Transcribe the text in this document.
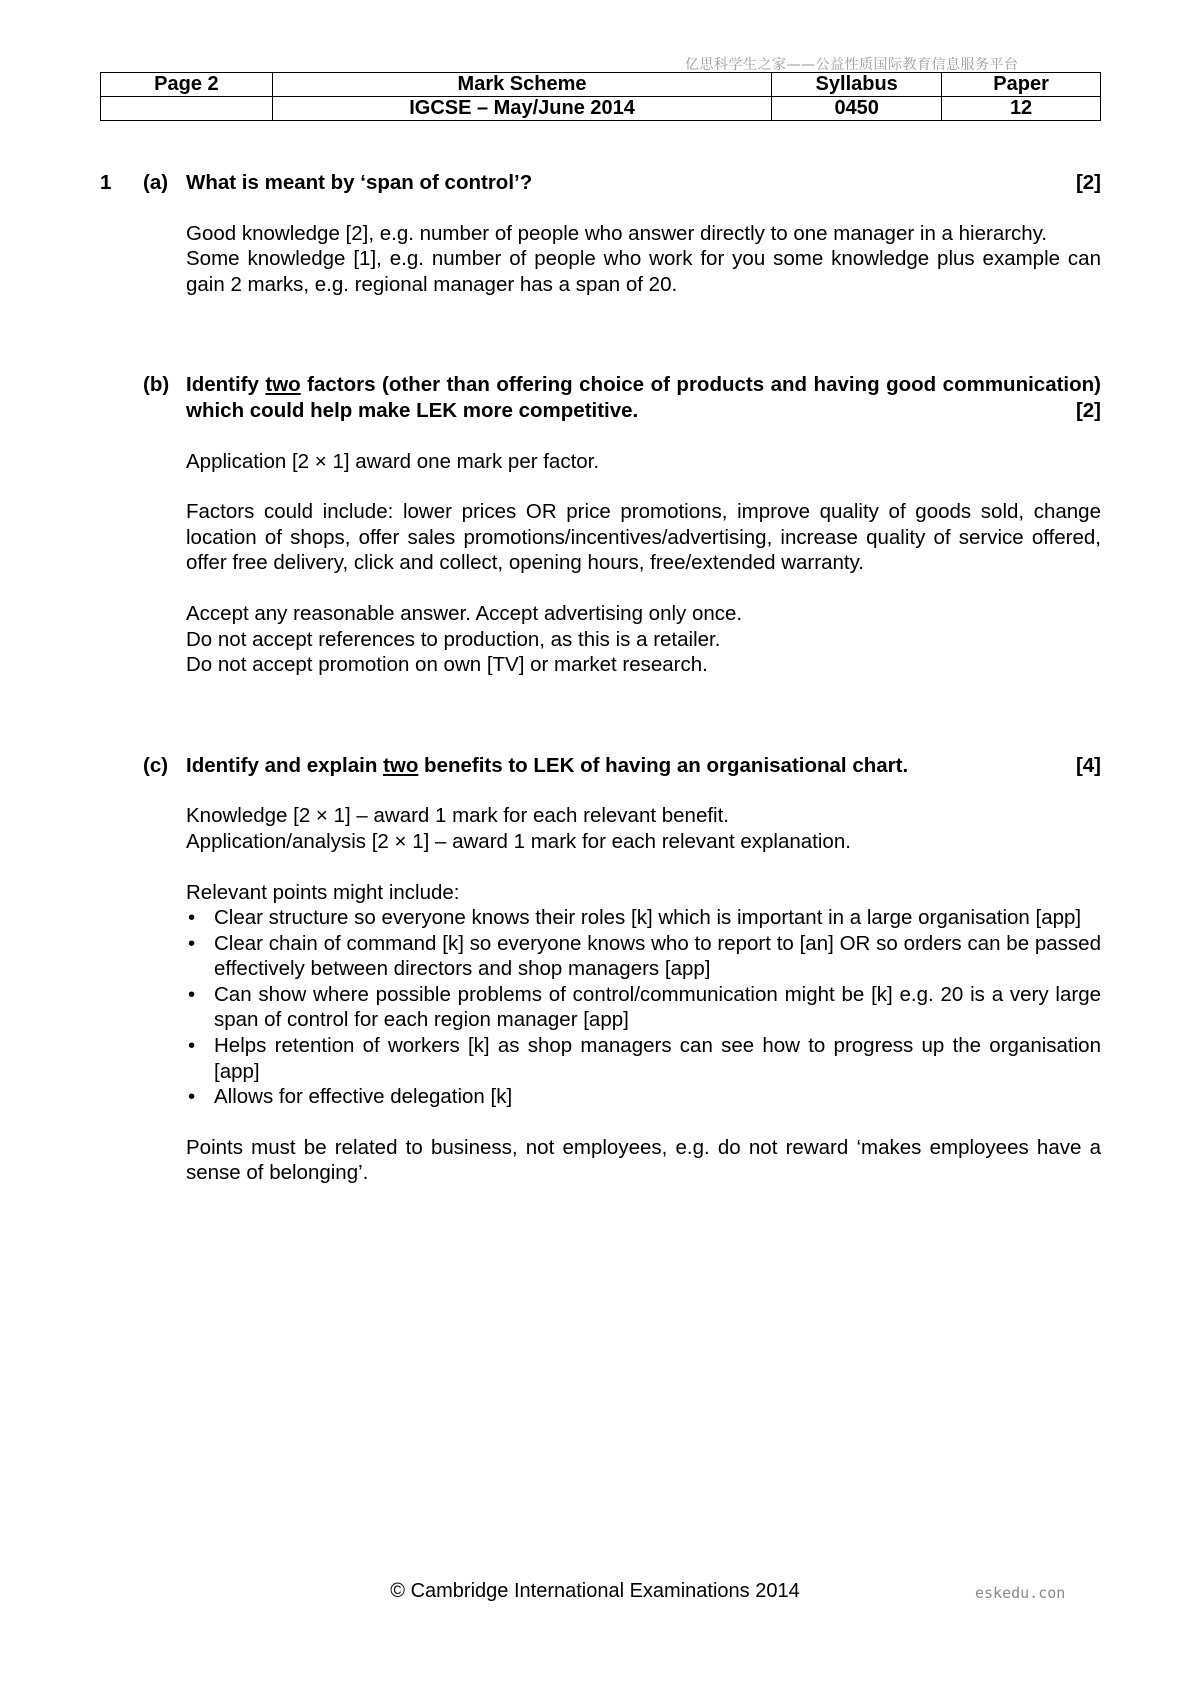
亿思科学生之家——公益性质国际教育信息服务平台
Page 2	Mark Scheme	Syllabus	Paper
	IGCSE – May/June 2014	0450	12
1 (a)	[2]
What is meant by ‘span of control’?

Good knowledge [2], e.g. number of people who answer directly to one manager in a hierarchy.

Some knowledge [1], e.g. number of people who work for you some knowledge plus example can gain 2 marks, e.g. regional manager has a span of 20.

(b) Identify two factors (other than offering choice of products and having good communication) which could help make LEK more competitive.	[2]

Application [2 × 1] award one mark per factor.

Factors could include: lower prices OR price promotions, improve quality of goods sold, change location of shops, offer sales promotions/incentives/advertising, increase quality of service offered, offer free delivery, click and collect, opening hours, free/extended warranty.

Accept any reasonable answer. Accept advertising only once.

Do not accept references to production, as this is a retailer.

Do not accept promotion on own [TV] or market research.

(c)	[4]
Identify and explain two benefits to LEK of having an organisational chart.

Knowledge [2 × 1] – award 1 mark for each relevant benefit.

Application/analysis [2 × 1] – award 1 mark for each relevant explanation.

Relevant points might include:

• Clear structure so everyone knows their roles [k] which is important in a large organisation [app]
• Clear chain of command [k] so everyone knows who to report to [an] OR so orders can be passed effectively between directors and shop managers [app]
• Can show where possible problems of control/communication might be [k] e.g. 20 is a very large span of control for each region manager [app]
• Helps retention of workers [k] as shop managers can see how to progress up the organisation [app]
• Allows for effective delegation [k]

Points must be related to business, not employees, e.g. do not reward ‘makes employees have a sense of belonging’.

© Cambridge International Examinations 2014	eskedu.con
